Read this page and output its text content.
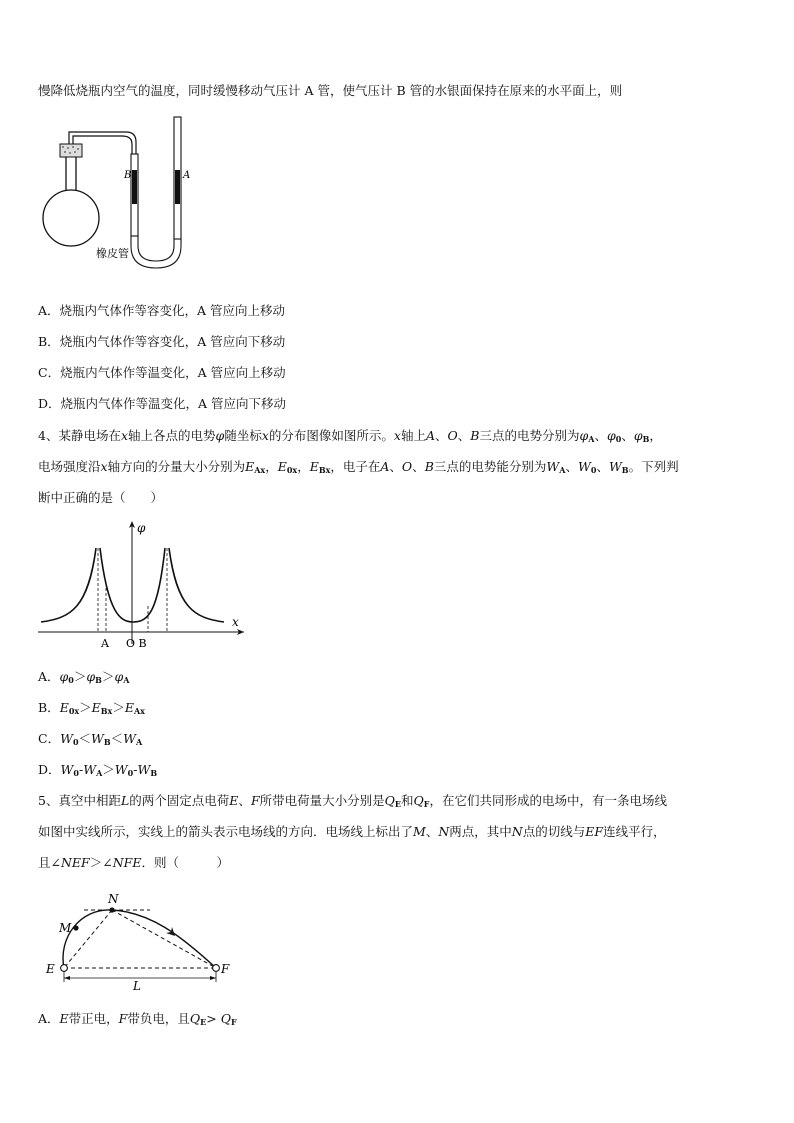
慢降低烧瓶内空气的温度，同时缓慢移动气压计 A 管，使气压计 B 管的水银面保持在原来的水平面上，则
B	A
橡皮管
A．烧瓶内气体作等容变化，A 管应向上移动
B．烧瓶内气体作等容变化，A 管应向下移动
C．烧瓶内气体作等温变化，A 管应向上移动
D．烧瓶内气体作等温变化，A 管应向下移动
4、某静电场在x轴上各点的电势φ随坐标x的分布图像如图所示。x轴上A、O、B三点的电势分别为$\varphi_A$、$\varphi_0$、$\varphi_B$，
电场强度沿x轴方向的分量大小分别为$E_{Ax}$，$E_{0x}$，$E_{Bx}$，电子在A、O、B三点的电势能分别为$W_A$、$W_0$、$W_B$。下列判
断中正确的是（　　）
φ
x
A O B
A．$\varphi_0>\varphi_B>\varphi_A$
B．$E_{0x}>E_{Bx}>E_{Ax}$
C．$W_0<W_B<W_A$
D．$W_0-W_A>W_0-W_B$
5、真空中相距L的两个固定点电荷E、F所带电荷量大小分别是$Q_E$和$Q_F$，在它们共同形成的电场中，有一条电场线
如图中实线所示，实线上的箭头表示电场线的方向．电场线上标出了M、N两点，其中N点的切线与EF连线平行，
且∠NEF＞∠NFE．则（　　　）
N
M
E	F
L
A．E带正电，F带负电，且$Q_E> Q_F$
